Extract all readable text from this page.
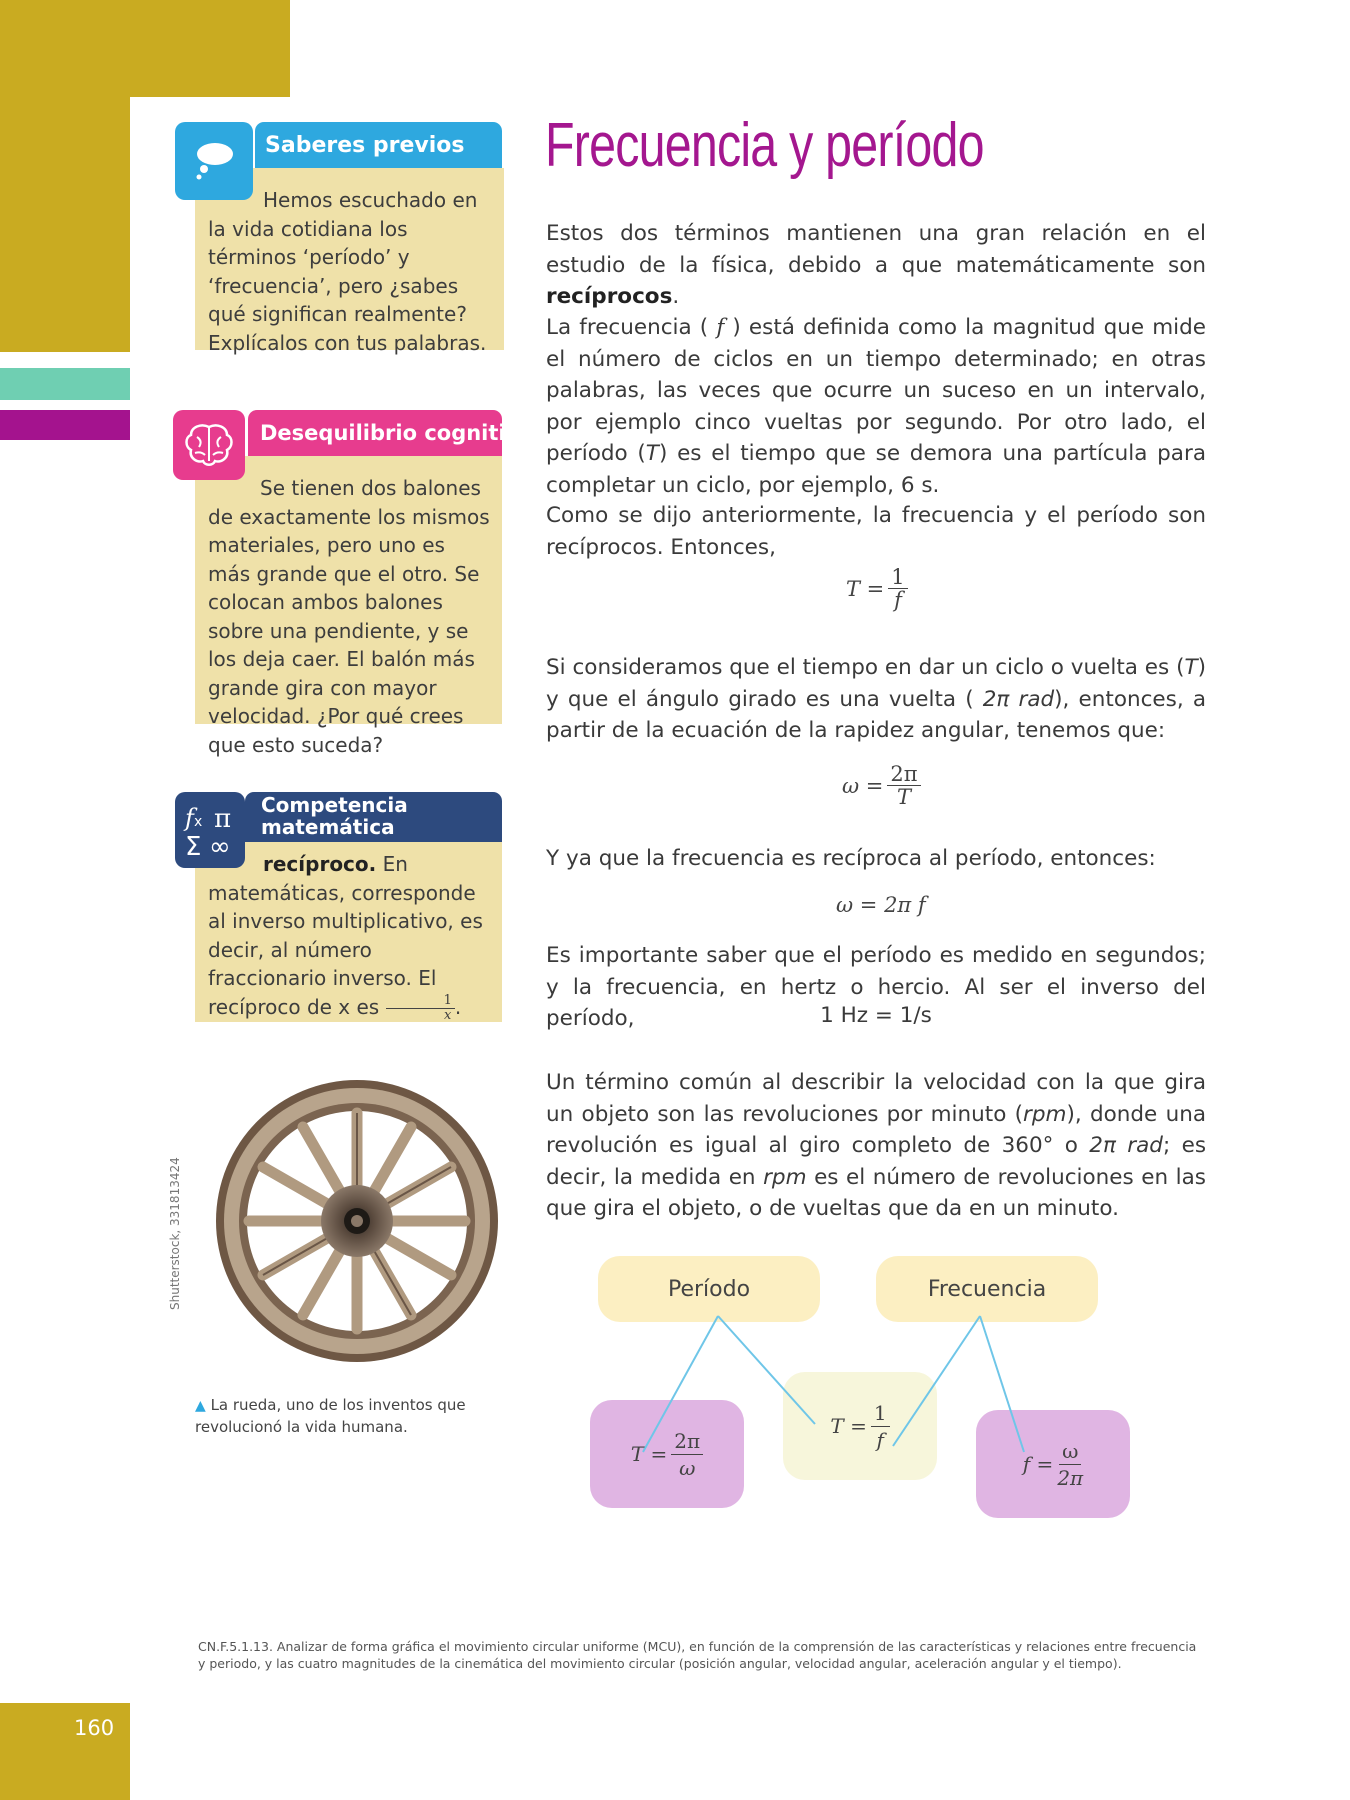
Saberes previos
Hemos escuchado en la vida cotidiana los términos ‘período’ y ‘frecuencia’, pero ¿sabes qué significan realmente? Explícalos con tus palabras.
Desequilibrio cognitivo
Se tienen dos balones de exactamente los mismos materiales, pero uno es más grande que el otro. Se colocan ambos balones sobre una pendiente, y se los deja caer. El balón más grande gira con mayor velocidad. ¿Por qué crees que esto suceda?
Competencia
matemática
recíproco. En matemáticas, corresponde al inverso multiplicativo, es decir, al número fraccionario inverso. El recíproco de x es $\frac{1}{x}$ .
f x π
Σ ∞
Shutterstock, 331813424
▲ La rueda, uno de los inventos que revolucionó la vida humana.
Frecuencia y período
Estos dos términos mantienen una gran relación en el estudio de la física, debido a que matemáticamente son recíprocos.
La frecuencia ( f ) está definida como la magnitud que mide el número de ciclos en un tiempo determinado; en otras palabras, las veces que ocurre un suceso en un intervalo, por ejemplo cinco vueltas por segundo. Por otro lado, el período (T) es el tiempo que se demora una partícula para completar un ciclo, por ejemplo, 6 s.
Como se dijo anteriormente, la frecuencia y el período son recíprocos. Entonces,
$T = \frac{1}{f}$
Si consideramos que el tiempo en dar un ciclo o vuelta es (T) y que el ángulo girado es una vuelta ( 2π rad), entonces, a partir de la ecuación de la rapidez angular, tenemos que:
$\omega = \frac{2\pi}{T}$
Y ya que la frecuencia es recíproca al período, entonces:
ω = 2π f
Es importante saber que el período es medido en segundos; y la frecuencia, en hertz o hercio. Al ser el inverso del período,	1 Hz = 1/s
Un término común al describir la velocidad con la que gira un objeto son las revoluciones por minuto (rpm), donde una revolución es igual al giro completo de 360° o 2π rad; es decir, la medida en rpm es el número de revoluciones en las que gira el objeto, o de vueltas que da en un minuto.
Período	Frecuencia
$T = \frac{2\pi}{\omega}$
$T = \frac{1}{f}$
$f = \frac{\omega}{2\pi}$
CN.F.5.1.13. Analizar de forma gráfica el movimiento circular uniforme (MCU), en función de la comprensión de las características y relaciones entre frecuencia y periodo, y las cuatro magnitudes de la cinemática del movimiento circular (posición angular, velocidad angular, aceleración angular y el tiempo).
160
